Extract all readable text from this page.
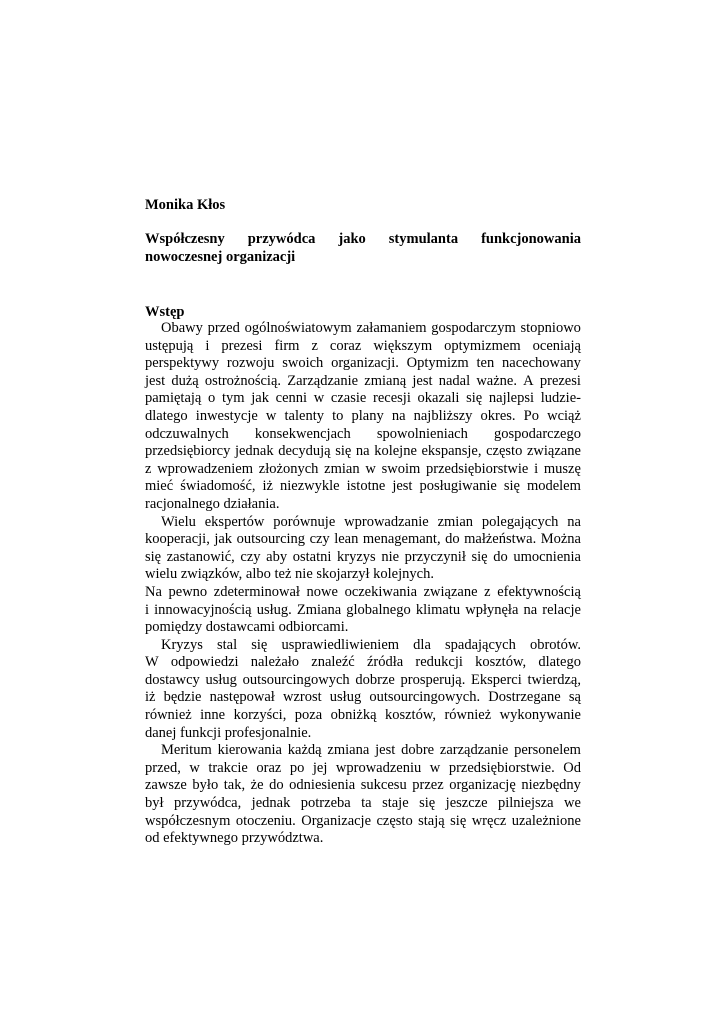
Monika Kłos
Współczesny przywódca jako stymulanta funkcjonowania
nowoczesnej organizacji
Wstęp
Obawy przed ogólnoświatowym załamaniem gospodarczym stopniowo
ustępują i prezesi firm z coraz większym optymizmem oceniają
perspektywy rozwoju swoich organizacji. Optymizm ten nacechowany
jest dużą ostrożnością. Zarządzanie zmianą jest nadal ważne. A prezesi
pamiętają o tym jak cenni w czasie recesji okazali się najlepsi ludzie-
dlatego inwestycje w talenty to plany na najbliższy okres. Po wciąż
odczuwalnych konsekwencjach spowolnieniach gospodarczego
przedsiębiorcy jednak decydują się na kolejne ekspansje, często związane
z wprowadzeniem złożonych zmian w swoim przedsiębiorstwie i muszę
mieć świadomość, iż niezwykle istotne jest posługiwanie się modelem
racjonalnego działania.
Wielu ekspertów porównuje wprowadzanie zmian polegających na
kooperacji, jak outsourcing czy lean menagemant, do małżeństwa. Można
się zastanowić, czy aby ostatni kryzys nie przyczynił się do umocnienia
wielu związków, albo też nie skojarzył kolejnych.
Na pewno zdeterminował nowe oczekiwania związane z efektywnością
i innowacyjnością usług. Zmiana globalnego klimatu wpłynęła na relacje
pomiędzy dostawcami odbiorcami.
Kryzys stal się usprawiedliwieniem dla spadających obrotów.
W odpowiedzi należało znaleźć źródła redukcji kosztów, dlatego
dostawcy usług outsourcingowych dobrze prosperują. Eksperci twierdzą,
iż będzie następował wzrost usług outsourcingowych. Dostrzegane są
również inne korzyści, poza obniżką kosztów, również wykonywanie
danej funkcji profesjonalnie.
Meritum kierowania każdą zmiana jest dobre zarządzanie personelem
przed, w trakcie oraz po jej wprowadzeniu w przedsiębiorstwie. Od
zawsze było tak, że do odniesienia sukcesu przez organizację niezbędny
był przywódca, jednak potrzeba ta staje się jeszcze pilniejsza we
współczesnym otoczeniu. Organizacje często stają się wręcz uzależnione
od efektywnego przywództwa.
